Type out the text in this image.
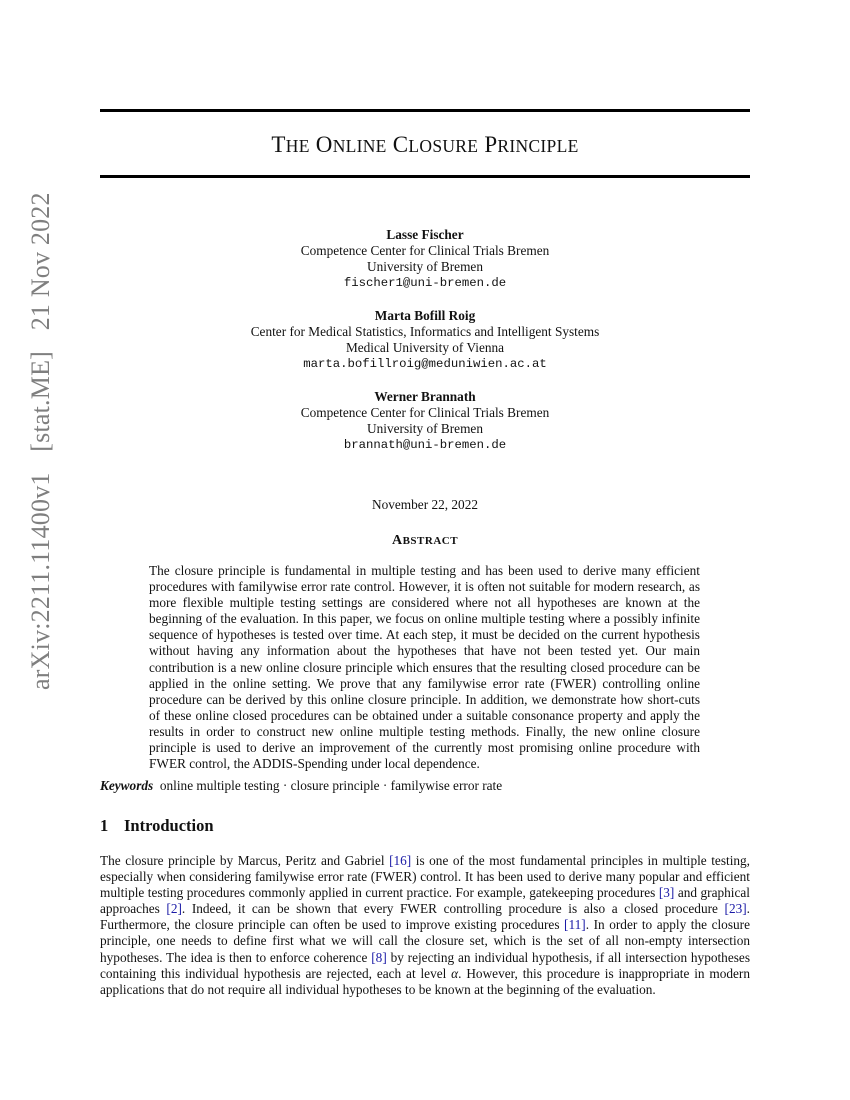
arXiv:2211.11400v1 [stat.ME] 21 Nov 2022
THE ONLINE CLOSURE PRINCIPLE
Lasse Fischer
Competence Center for Clinical Trials Bremen
University of Bremen
fischer1@uni-bremen.de
Marta Bofill Roig
Center for Medical Statistics, Informatics and Intelligent Systems
Medical University of Vienna
marta.bofillroig@meduniwien.ac.at
Werner Brannath
Competence Center for Clinical Trials Bremen
University of Bremen
brannath@uni-bremen.de
November 22, 2022
ABSTRACT
The closure principle is fundamental in multiple testing and has been used to derive many efficient procedures with familywise error rate control. However, it is often not suitable for modern research, as more flexible multiple testing settings are considered where not all hypotheses are known at the beginning of the evaluation. In this paper, we focus on online multiple testing where a possibly infinite sequence of hypotheses is tested over time. At each step, it must be decided on the current hypothesis without having any information about the hypotheses that have not been tested yet. Our main contribution is a new online closure principle which ensures that the resulting closed procedure can be applied in the online setting. We prove that any familywise error rate (FWER) controlling online procedure can be derived by this online closure principle. In addition, we demonstrate how short-cuts of these online closed procedures can be obtained under a suitable consonance property and apply the results in order to construct new online multiple testing methods. Finally, the new online closure principle is used to derive an improvement of the currently most promising online procedure with FWER control, the ADDIS-Spending under local dependence.
Keywords online multiple testing · closure principle · familywise error rate
1 Introduction
The closure principle by Marcus, Peritz and Gabriel [16] is one of the most fundamental principles in multiple testing, especially when considering familywise error rate (FWER) control. It has been used to derive many popular and efficient multiple testing procedures commonly applied in current practice. For example, gatekeeping procedures [3] and graphical approaches [2]. Indeed, it can be shown that every FWER controlling procedure is also a closed procedure [23]. Furthermore, the closure principle can often be used to improve existing procedures [11]. In order to apply the closure principle, one needs to define first what we will call the closure set, which is the set of all non-empty intersection hypotheses. The idea is then to enforce coherence [8] by rejecting an individual hypothesis, if all intersection hypotheses containing this individual hypothesis are rejected, each at level α. However, this procedure is inappropriate in modern applications that do not require all individual hypotheses to be known at the beginning of the evaluation.
